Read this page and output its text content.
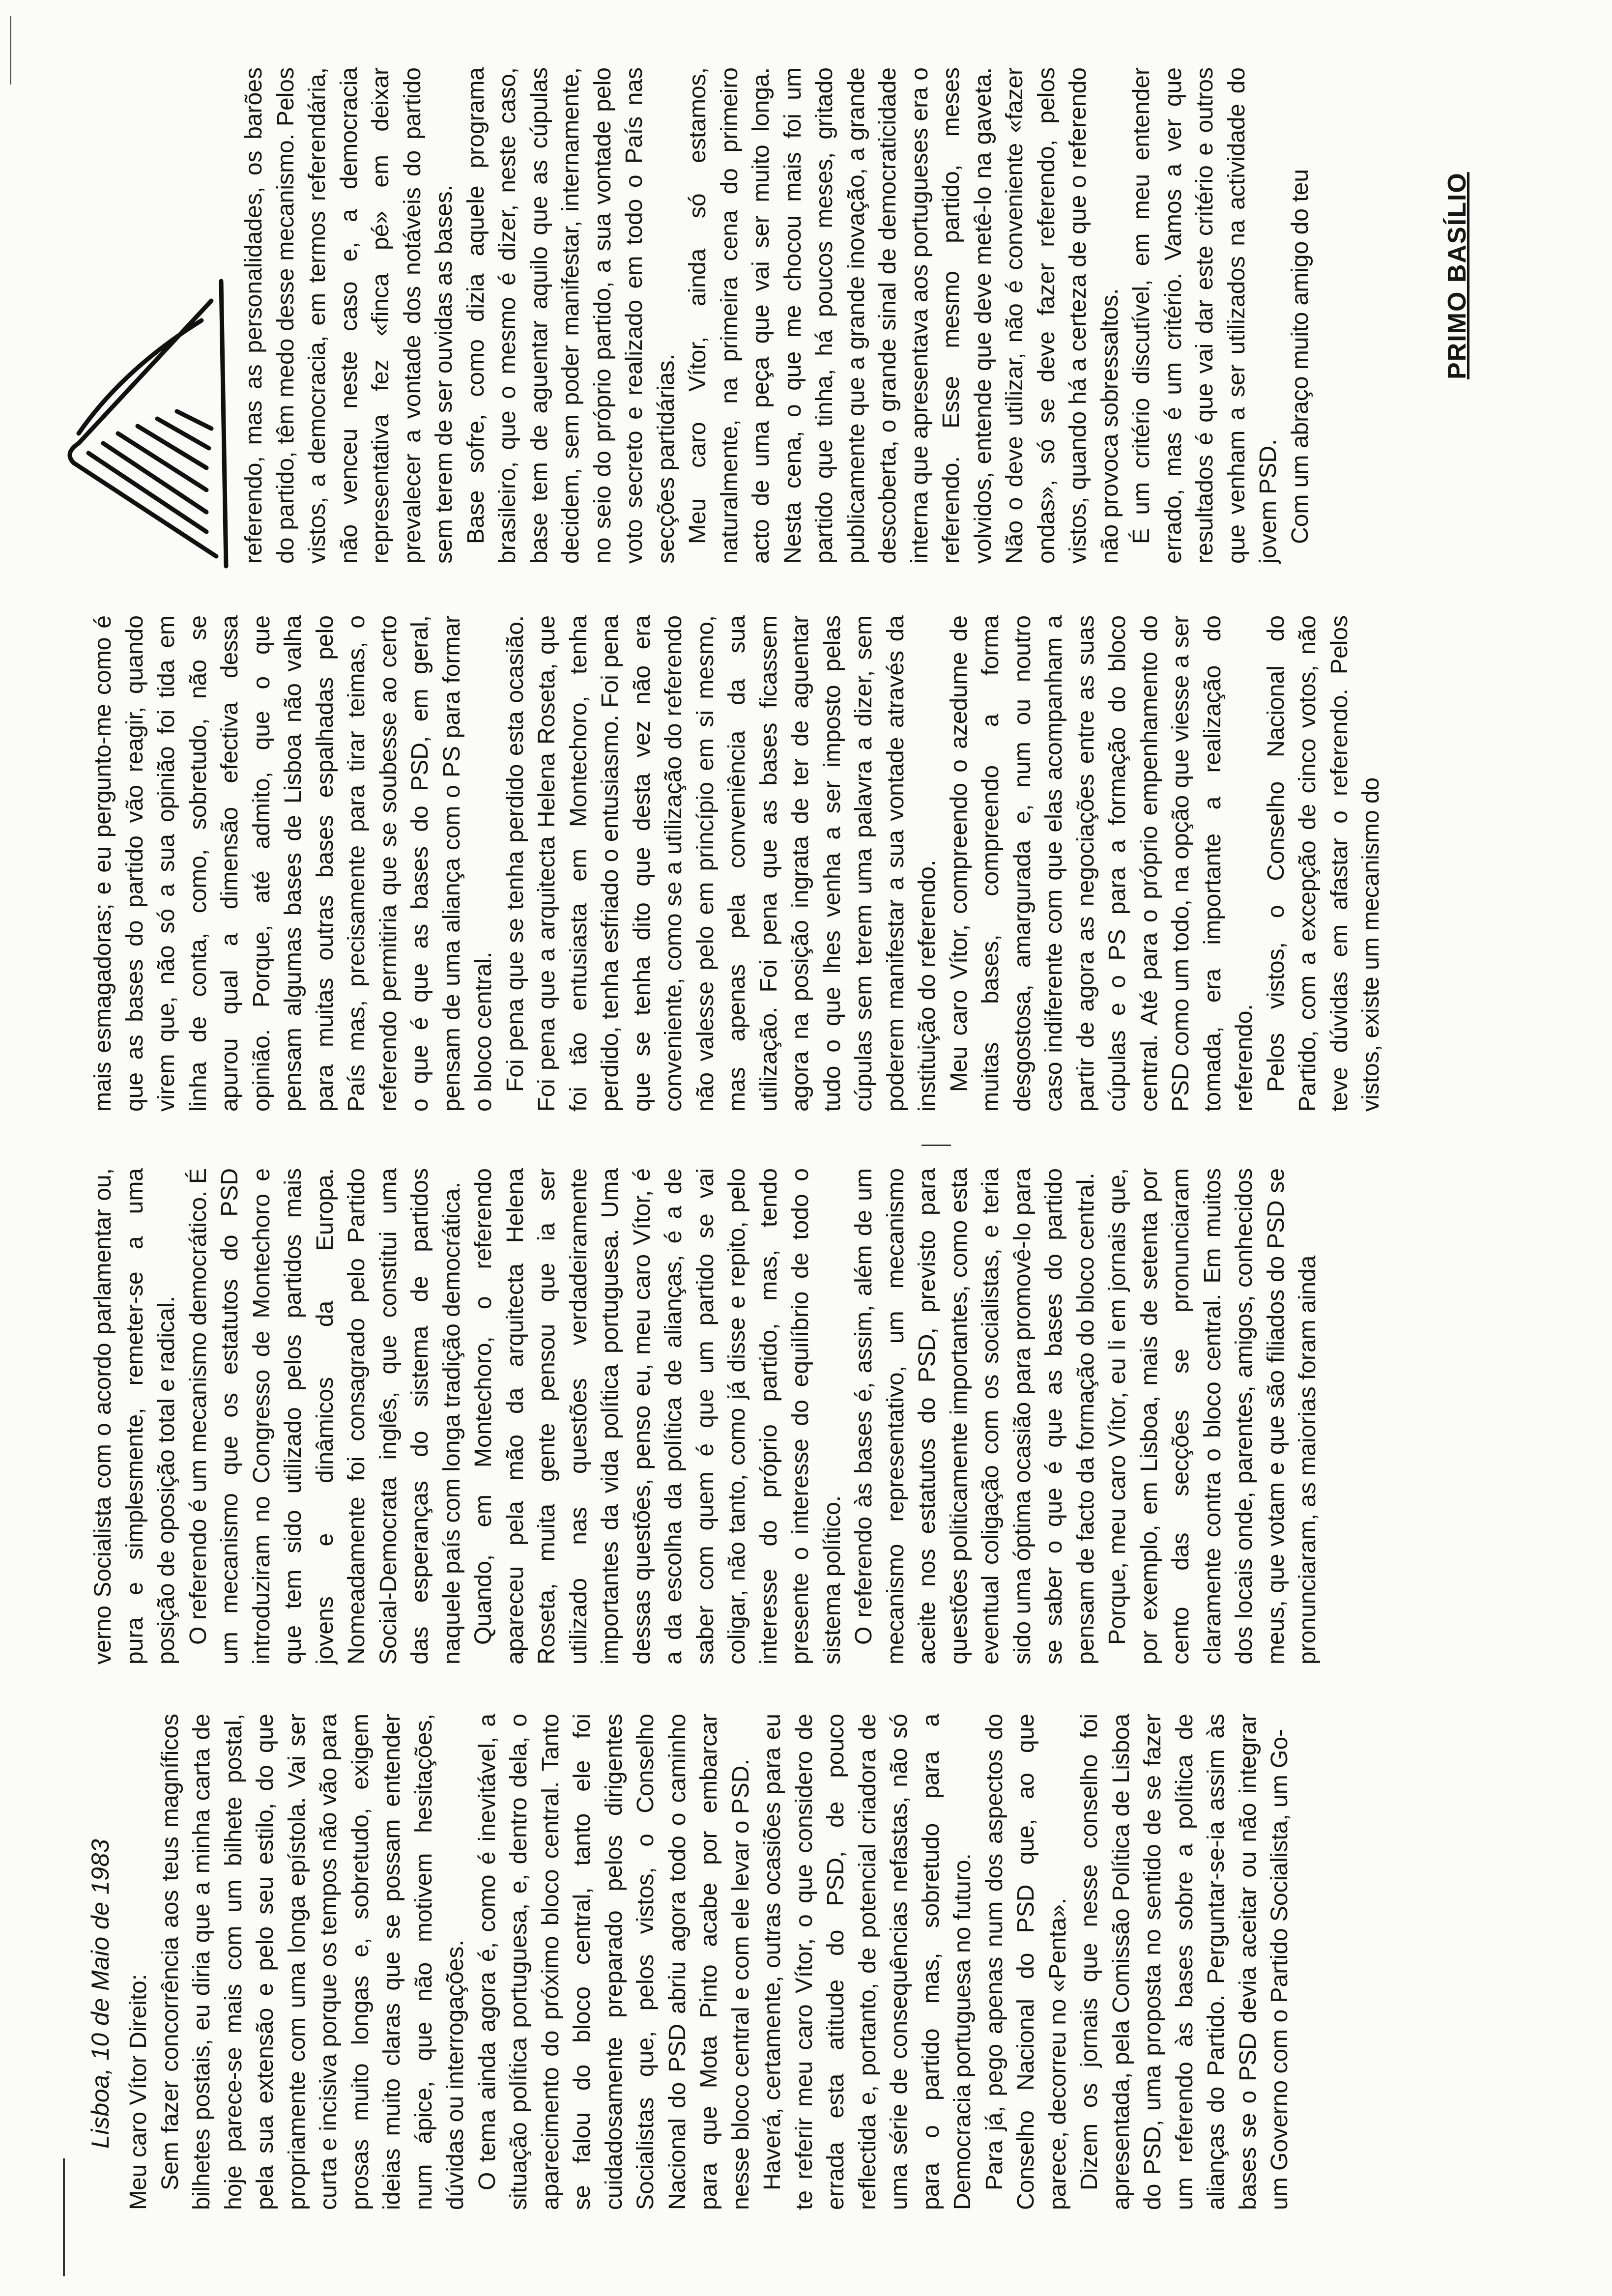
Lisboa, 10 de Maio de 1983 Meu caro Vítor Direito: Sem fazer concorrência aos teus magníficos bilhetes postais, eu diria que a minha carta de hoje parece-se mais com um bilhete postal, pela sua extensão e pelo seu estilo, do que propriamente com uma longa epístola. Vai ser curta e incisiva porque os tempos não vão para prosas muito longas e, sobretudo, exigem ideias muito claras que se possam entender num ápice, que não motivem hesitações, dúvidas ou interrogações. O tema ainda agora é, como é inevitável, a situação política portuguesa, e, dentro dela, o aparecimento do próximo bloco central. Tanto se falou do bloco central, tanto ele foi cuidadosamente preparado pelos dirigentes Socialistas que, pelos vistos, o Conselho Nacional do PSD abriu agora todo o caminho para que Mota Pinto acabe por embarcar nesse bloco central e com ele levar o PSD. Haverá, certamente, outras ocasiões para eu te referir meu caro Vítor, o que considero de errada esta atitude do PSD, de pouco reflectida e, portanto, de potencial criadora de uma série de consequências nefastas, não só para o partido mas, sobretudo para a Democracia portuguesa no futuro. Para já, pego apenas num dos aspectos do Conselho Nacional do PSD que, ao que parece, decorreu no «Penta». Dizem os jornais que nesse conselho foi apresentada, pela Comissão Política de Lisboa do PSD, uma proposta no sentido de se fazer um referendo às bases sobre a política de alianças do Partido. Perguntar-se-ia assim às bases se o PSD devia aceitar ou não integrar um Governo com o Partido Socialista, um Go-

verno Socialista com o acordo parlamentar ou, pura e simplesmente, remeter-se a uma posição de oposição total e radical. O referendo é um mecanismo democrático. É um mecanismo que os estatutos do PSD introduziram no Congresso de Montechoro e que tem sido utilizado pelos partidos mais jovens e dinâmicos da Europa. Nomeadamente foi consagrado pelo Partido Social-Democrata inglês, que constitui uma das esperanças do sistema de partidos naquele país com longa tradição democrática. Quando, em Montechoro, o referendo apareceu pela mão da arquitecta Helena Roseta, muita gente pensou que ia ser utilizado nas questões verdadeiramente importantes da vida política portuguesa. Uma dessas questões, penso eu, meu caro Vítor, é a da escolha da política de alianças, é a de saber com quem é que um partido se vai coligar, não tanto, como já disse e repito, pelo interesse do próprio partido, mas, tendo presente o interesse do equilíbrio de todo o sistema político. O referendo às bases é, assim, além de um mecanismo representativo, um mecanismo aceite nos estatutos do PSD, previsto para questões politicamente importantes, como esta eventual coligação com os socialistas, e teria sido uma óptima ocasião para promovê-lo para se saber o que é que as bases do partido pensam de facto da formação do bloco central. Porque, meu caro Vítor, eu li em jornais que, por exemplo, em Lisboa, mais de setenta por cento das secções se pronunciaram claramente contra o bloco central. Em muitos dos locais onde, parentes, amigos, conhecidos meus, que votam e que são filiados do PSD se pronunciaram, as maiorias foram ainda

mais esmagadoras; e eu pergunto-me como é que as bases do partido vão reagir, quando virem que, não só a sua opinião foi tida em linha de conta, como, sobretudo, não se apurou qual a dimensão efectiva dessa opinião. Porque, até admito, que o que pensam algumas bases de Lisboa não valha para muitas outras bases espalhadas pelo País mas, precisamente para tirar teimas, o referendo permitiria que se soubesse ao certo o que é que as bases do PSD, em geral, pensam de uma aliança com o PS para formar o bloco central. Foi pena que se tenha perdido esta ocasião. Foi pena que a arquitecta Helena Roseta, que foi tão entusiasta em Montechoro, tenha perdido, tenha esfriado o entusiasmo. Foi pena que se tenha dito que desta vez não era conveniente, como se a utilização do referendo não valesse pelo em princípio em si mesmo, mas apenas pela conveniência da sua utilização. Foi pena que as bases ficassem agora na posição ingrata de ter de aguentar tudo o que lhes venha a ser imposto pelas cúpulas sem terem uma palavra a dizer, sem poderem manifestar a sua vontade através da instituição do referendo. Meu caro Vítor, compreendo o azedume de muitas bases, compreendo a forma desgostosa, amargurada e, num ou noutro caso indiferente com que elas acompanham a partir de agora as negociações entre as suas cúpulas e o PS para a formação do bloco central. Até para o próprio empenhamento do PSD como um todo, na opção que viesse a ser tomada, era importante a realização do referendo. Pelos vistos, o Conselho Nacional do Partido, com a excepção de cinco votos, não teve dúvidas em afastar o referendo. Pelos vistos, existe um mecanismo do

referendo, mas as personalidades, os barões do partido, têm medo desse mecanismo. Pelos vistos, a democracia, em termos referendária, não venceu neste caso e, a democracia representativa fez «finca pé» em deixar prevalecer a vontade dos notáveis do partido sem terem de ser ouvidas as bases. Base sofre, como dizia aquele programa brasileiro, que o mesmo é dizer, neste caso, base tem de aguentar aquilo que as cúpulas decidem, sem poder manifestar, internamente, no seio do próprio partido, a sua vontade pelo voto secreto e realizado em todo o País nas secções partidárias. Meu caro Vítor, ainda só estamos, naturalmente, na primeira cena do primeiro acto de uma peça que vai ser muito longa. Nesta cena, o que me chocou mais foi um partido que tinha, há poucos meses, gritado publicamente que a grande inovação, a grande descoberta, o grande sinal de democraticidade interna que apresentava aos portugueses era o referendo. Esse mesmo partido, meses volvidos, entende que deve metê-lo na gaveta. Não o deve utilizar, não é conveniente «fazer ondas», só se deve fazer referendo, pelos vistos, quando há a certeza de que o referendo não provoca sobressaltos. É um critério discutível, em meu entender errado, mas é um critério. Vamos a ver que resultados é que vai dar este critério e outros que venham a ser utilizados na actividade do jovem PSD. Com um abraço muito amigo do teu	PRIMO BASÍLIO
